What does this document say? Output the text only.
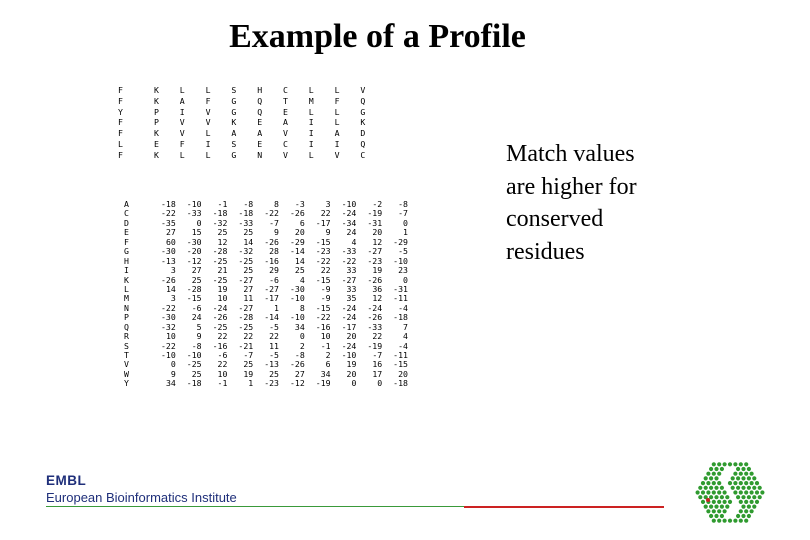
Example of a Profile
F	K	L	L	S	H	C	L	L	V
F	K	A	F	G	Q	T	M	F	Q
Y	P	I	V	G	Q	E	L	L	G
F	P	V	V	K	E	A	I	L	K
F	K	V	L	A	A	V	I	A	D
L	E	F	I	S	E	C	I	I	Q
F	K	L	L	G	N	V	L	V	C
A	-18	-10	-1	-8	8	-3	3	-10	-2	-8
C	-22	-33	-18	-18	-22	-26	22	-24	-19	-7
D	-35	0	-32	-33	-7	6	-17	-34	-31	0
E	27	15	25	25	9	20	9	24	20	1
F	60	-30	12	14	-26	-29	-15	4	12	-29
G	-30	-20	-28	-32	28	-14	-23	-33	-27	-5
H	-13	-12	-25	-25	-16	14	-22	-22	-23	-10
I	3	27	21	25	29	25	22	33	19	23
K	-26	25	-25	-27	-6	4	-15	-27	-26	0
L	14	-28	19	27	-27	-30	-9	33	36	-31
M	3	-15	10	11	-17	-10	-9	35	12	-11
N	-22	-6	-24	-27	1	8	-15	-24	-24	-4
P	-30	24	-26	-28	-14	-10	-22	-24	-26	-18
Q	-32	5	-25	-25	-5	34	-16	-17	-33	7
R	10	9	22	22	22	0	10	20	22	4
S	-22	-8	-16	-21	11	2	-1	-24	-19	-4
T	-10	-10	-6	-7	-5	-8	2	-10	-7	-11
V	0	-25	22	25	-13	-26	6	19	16	-15
W	9	25	10	19	25	27	34	20	17	20
Y	34	-18	-1	1	-23	-12	-19	0	0	-18
Match values
are higher for
conserved
residues
EMBL
European Bioinformatics Institute
